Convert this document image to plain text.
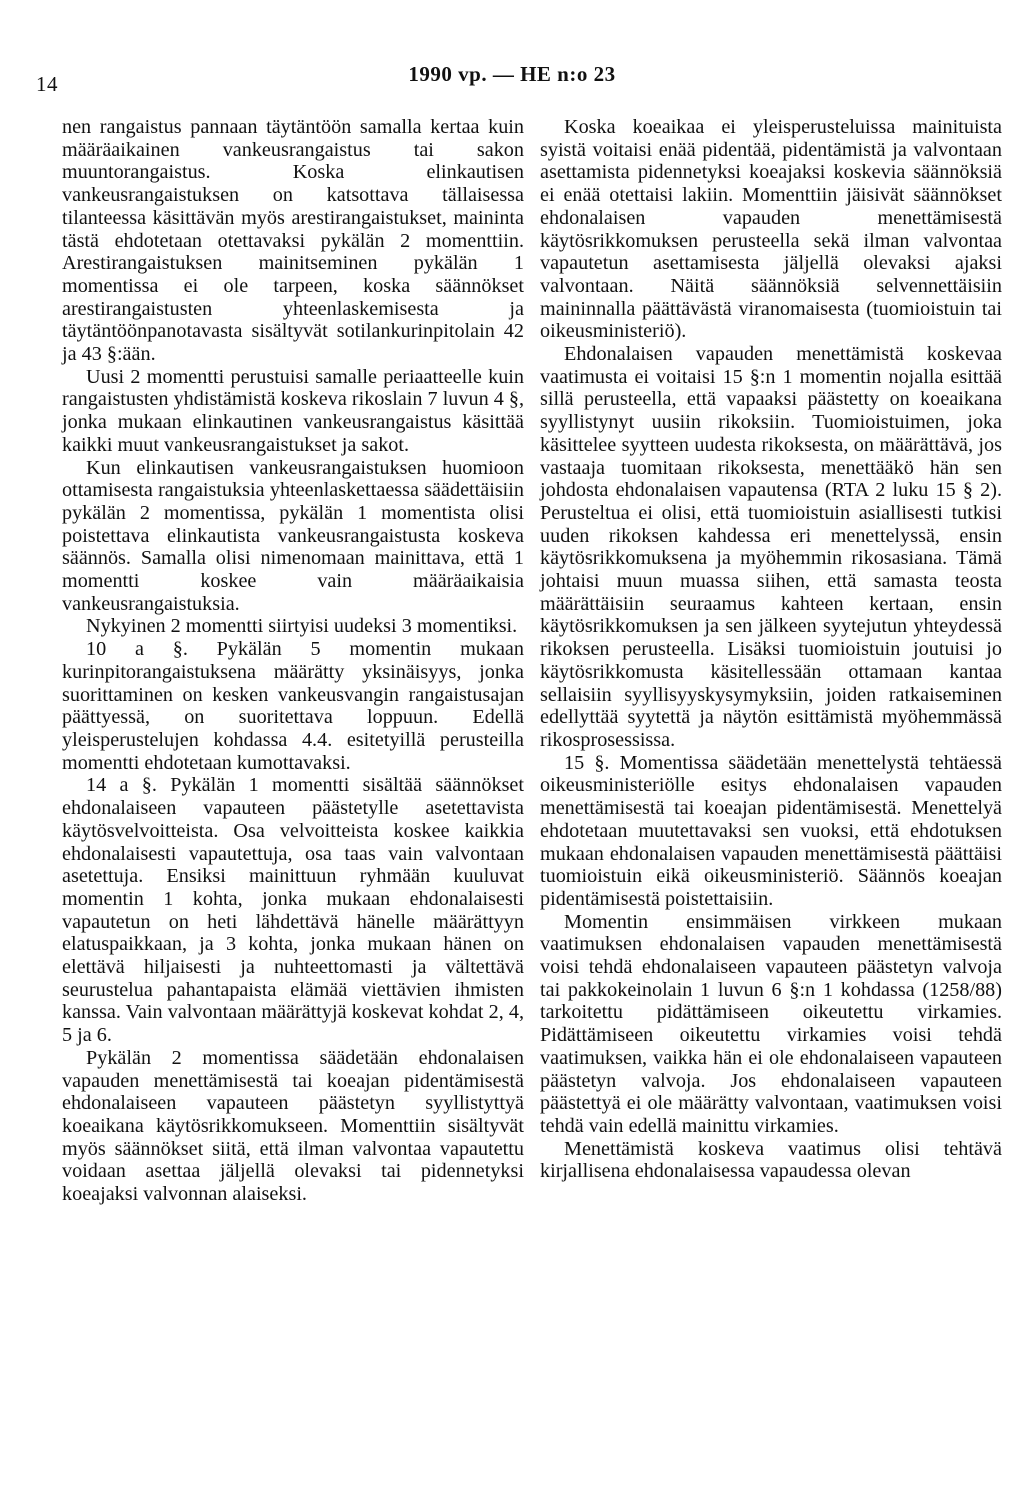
14	1990 vp. — HE n:o 23

nen rangaistus pannaan täytäntöön samalla kertaa kuin määräaikainen vankeusrangaistus tai sakon muuntorangaistus. Koska elinkautisen vankeusrangaistuksen on katsottava tällaisessa tilanteessa käsittävän myös arestirangaistukset, maininta tästä ehdotetaan otettavaksi pykälän 2 momenttiin. Arestirangaistuksen mainitseminen pykälän 1 momentissa ei ole tarpeen, koska säännökset arestirangaistusten yhteenlaskemisesta ja täytäntöönpanotavasta sisältyvät sotilankurinpitolain 42 ja 43 §:ään.

Uusi 2 momentti perustuisi samalle periaatteelle kuin rangaistusten yhdistämistä koskeva rikoslain 7 luvun 4 §, jonka mukaan elinkautinen vankeusrangaistus käsittää kaikki muut vankeusrangaistukset ja sakot.

Kun elinkautisen vankeusrangaistuksen huomioon ottamisesta rangaistuksia yhteenlaskettaessa säädettäisiin pykälän 2 momentissa, pykälän 1 momentista olisi poistettava elinkautista vankeusrangaistusta koskeva säännös. Samalla olisi nimenomaan mainittava, että 1 momentti koskee vain määräaikaisia vankeusrangaistuksia.

Nykyinen 2 momentti siirtyisi uudeksi 3 momentiksi.

10 a §. Pykälän 5 momentin mukaan kurinpitorangaistuksena määrätty yksinäisyys, jonka suorittaminen on kesken vankeusvangin rangaistusajan päättyessä, on suoritettava loppuun. Edellä yleisperustelujen kohdassa 4.4. esitetyillä perusteilla momentti ehdotetaan kumottavaksi.

14 a §. Pykälän 1 momentti sisältää säännökset ehdonalaiseen vapauteen päästetylle asetettavista käytösvelvoitteista. Osa velvoitteista koskee kaikkia ehdonalaisesti vapautettuja, osa taas vain valvontaan asetettuja. Ensiksi mainittuun ryhmään kuuluvat momentin 1 kohta, jonka mukaan ehdonalaisesti vapautetun on heti lähdettävä hänelle määrättyyn elatuspaikkaan, ja 3 kohta, jonka mukaan hänen on elettävä hiljaisesti ja nuhteettomasti ja vältettävä seurustelua pahantapaista elämää viettävien ihmisten kanssa. Vain valvontaan määrättyjä koskevat kohdat 2, 4, 5 ja 6.

Pykälän 2 momentissa säädetään ehdonalaisen vapauden menettämisestä tai koeajan pidentämisestä ehdonalaiseen vapauteen päästetyn syyllistyttyä koeaikana käytösrikkomukseen. Momenttiin sisältyvät myös säännökset siitä, että ilman valvontaa vapautettu voidaan asettaa jäljellä olevaksi tai pidennetyksi koeajaksi valvonnan alaiseksi.

Koska koeaikaa ei yleisperusteluissa mainituista syistä voitaisi enää pidentää, pidentämistä ja valvontaan asettamista pidennetyksi koeajaksi koskevia säännöksiä ei enää otettaisi lakiin. Momenttiin jäisivät säännökset ehdonalaisen vapauden menettämisestä käytösrikkomuksen perusteella sekä ilman valvontaa vapautetun asettamisesta jäljellä olevaksi ajaksi valvontaan. Näitä säännöksiä selvennettäisiin maininnalla päättävästä viranomaisesta (tuomioistuin tai oikeusministeriö).

Ehdonalaisen vapauden menettämistä koskevaa vaatimusta ei voitaisi 15 §:n 1 momentin nojalla esittää sillä perusteella, että vapaaksi päästetty on koeaikana syyllistynyt uusiin rikoksiin. Tuomioistuimen, joka käsittelee syytteen uudesta rikoksesta, on määrättävä, jos vastaaja tuomitaan rikoksesta, menettääkö hän sen johdosta ehdonalaisen vapautensa (RTA 2 luku 15 § 2). Perusteltua ei olisi, että tuomioistuin asiallisesti tutkisi uuden rikoksen kahdessa eri menettelyssä, ensin käytösrikkomuksena ja myöhemmin rikosasiana. Tämä johtaisi muun muassa siihen, että samasta teosta määrättäisiin seuraamus kahteen kertaan, ensin käytösrikkomuksen ja sen jälkeen syytejutun yhteydessä rikoksen perusteella. Lisäksi tuomioistuin joutuisi jo käytösrikkomusta käsitellessään ottamaan kantaa sellaisiin syyllisyyskysymyksiin, joiden ratkaiseminen edellyttää syytettä ja näytön esittämistä myöhemmässä rikosprosessissa.

15 §. Momentissa säädetään menettelystä tehtäessä oikeusministeriölle esitys ehdonalaisen vapauden menettämisestä tai koeajan pidentämisestä. Menettelyä ehdotetaan muutettavaksi sen vuoksi, että ehdotuksen mukaan ehdonalaisen vapauden menettämisestä päättäisi tuomioistuin eikä oikeusministeriö. Säännös koeajan pidentämisestä poistettaisiin.

Momentin ensimmäisen virkkeen mukaan vaatimuksen ehdonalaisen vapauden menettämisestä voisi tehdä ehdonalaiseen vapauteen päästetyn valvoja tai pakkokeinolain 1 luvun 6 §:n 1 kohdassa (1258/88) tarkoitettu pidättämiseen oikeutettu virkamies. Pidättämiseen oikeutettu virkamies voisi tehdä vaatimuksen, vaikka hän ei ole ehdonalaiseen vapauteen päästetyn valvoja. Jos ehdonalaiseen vapauteen päästettyä ei ole määrätty valvontaan, vaatimuksen voisi tehdä vain edellä mainittu virkamies.

Menettämistä koskeva vaatimus olisi tehtävä kirjallisena ehdonalaisessa vapaudessa olevan
